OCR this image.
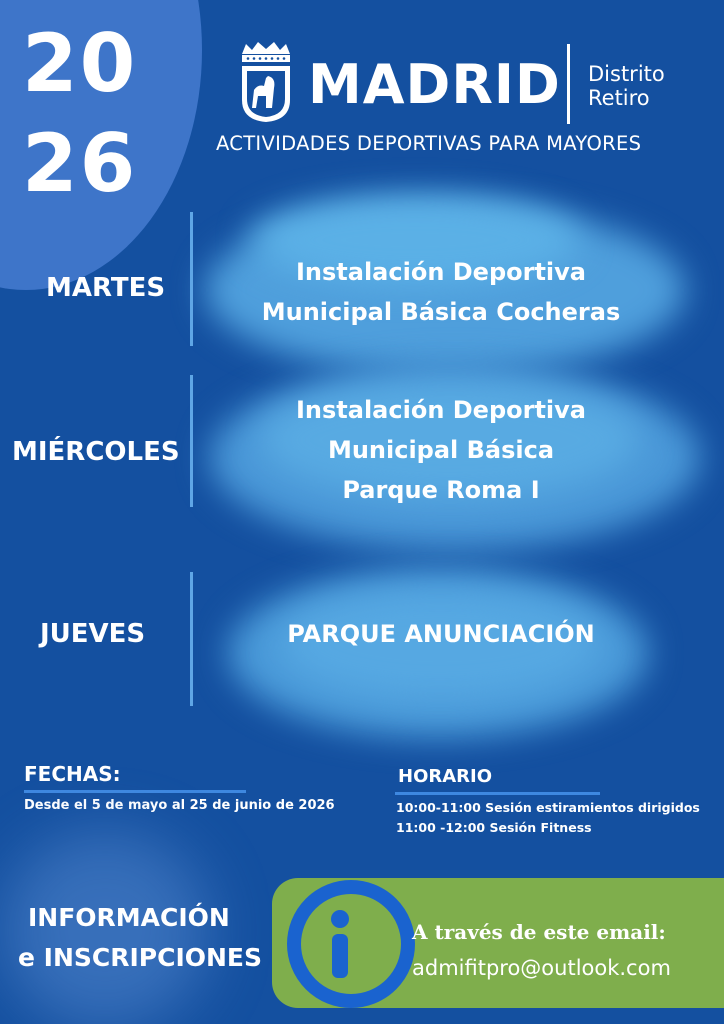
20
26
MADRID Distrito
Retiro
ACTIVIDADES DEPORTIVAS PARA MAYORES
MARTES
Instalación Deportiva
Municipal Básica Cocheras
MIÉRCOLES
Instalación Deportiva
Municipal Básica
Parque Roma I
JUEVES	PARQUE ANUNCIACIÓN
FECHAS:
Desde el 5 de mayo al 25 de junio de 2026
HORARIO
10:00-11:00 Sesión estiramientos dirigidos
11:00 -12:00 Sesión Fitness
INFORMACIÓN
e INSCRIPCIONES
A través de este email:
admifitpro@outlook.com
